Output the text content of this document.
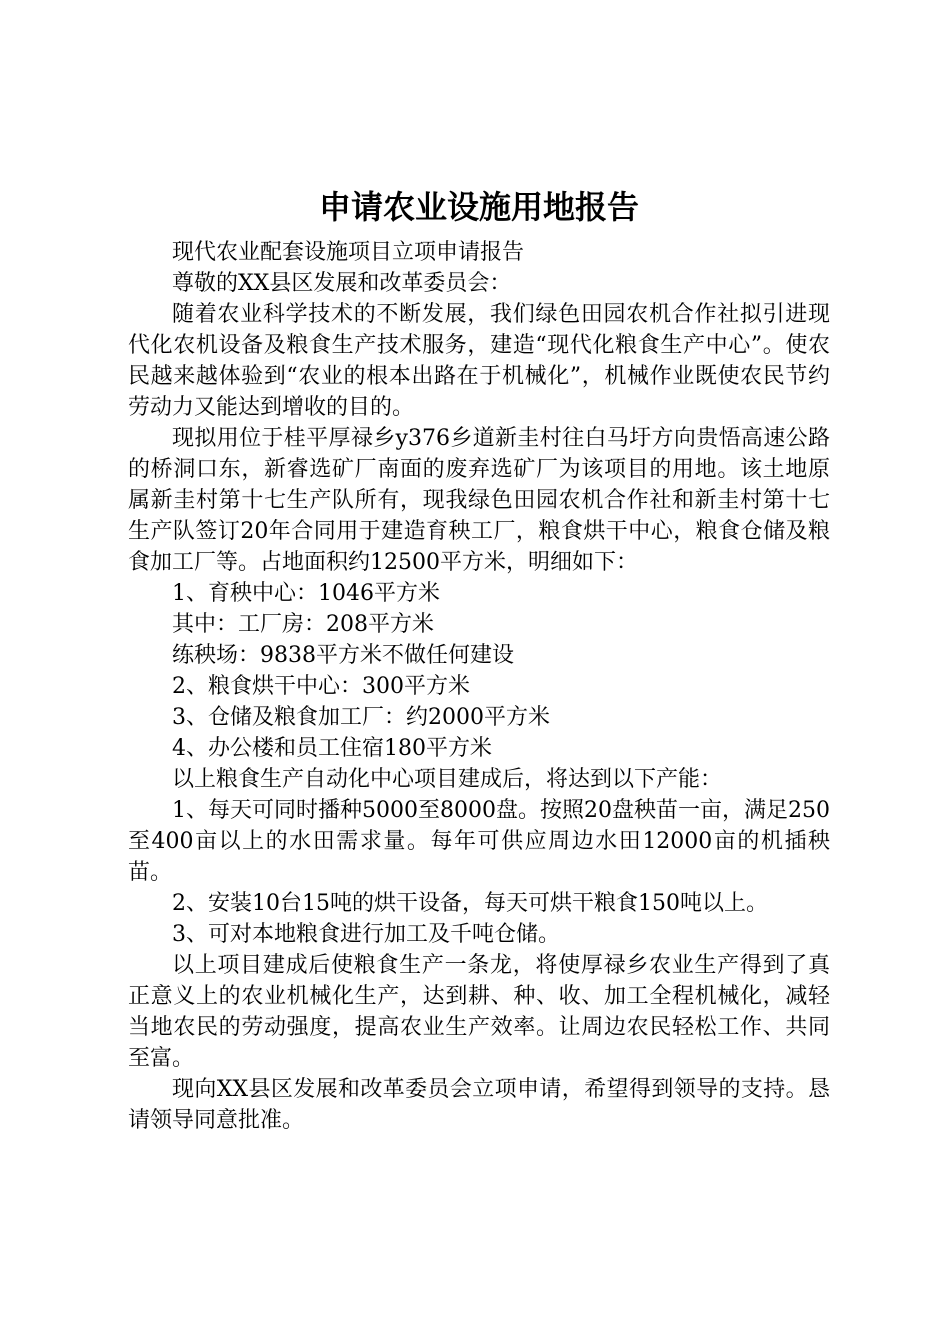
申请农业设施用地报告

现代农业配套设施项目立项申请报告

尊敬的XX县区发展和改革委员会：

随着农业科学技术的不断发展，我们绿色田园农机合作社拟引进现代化农机设备及粮食生产技术服务，建造“现代化粮食生产中心”。使农民越来越体验到“农业的根本出路在于机械化”，机械作业既使农民节约劳动力又能达到增收的目的。

现拟用位于桂平厚禄乡y376乡道新圭村往白马圩方向贵悟高速公路的桥洞口东，新睿选矿厂南面的废弃选矿厂为该项目的用地。该土地原属新圭村第十七生产队所有，现我绿色田园农机合作社和新圭村第十七生产队签订20年合同用于建造育秧工厂，粮食烘干中心，粮食仓储及粮食加工厂等。占地面积约12500平方米，明细如下：

1、育秧中心：1046平方米

其中：工厂房：208平方米

练秧场：9838平方米不做任何建设

2、粮食烘干中心：300平方米

3、仓储及粮食加工厂：约2000平方米

4、办公楼和员工住宿180平方米

以上粮食生产自动化中心项目建成后，将达到以下产能：

1、每天可同时播种5000至8000盘。按照20盘秧苗一亩，满足250至400亩以上的水田需求量。每年可供应周边水田12000亩的机插秧苗。

2、安装10台15吨的烘干设备，每天可烘干粮食150吨以上。

3、可对本地粮食进行加工及千吨仓储。

以上项目建成后使粮食生产一条龙，将使厚禄乡农业生产得到了真正意义上的农业机械化生产，达到耕、种、收、加工全程机械化，减轻当地农民的劳动强度，提高农业生产效率。让周边农民轻松工作、共同至富。

现向XX县区发展和改革委员会立项申请，希望得到领导的支持。恳请领导同意批准。
